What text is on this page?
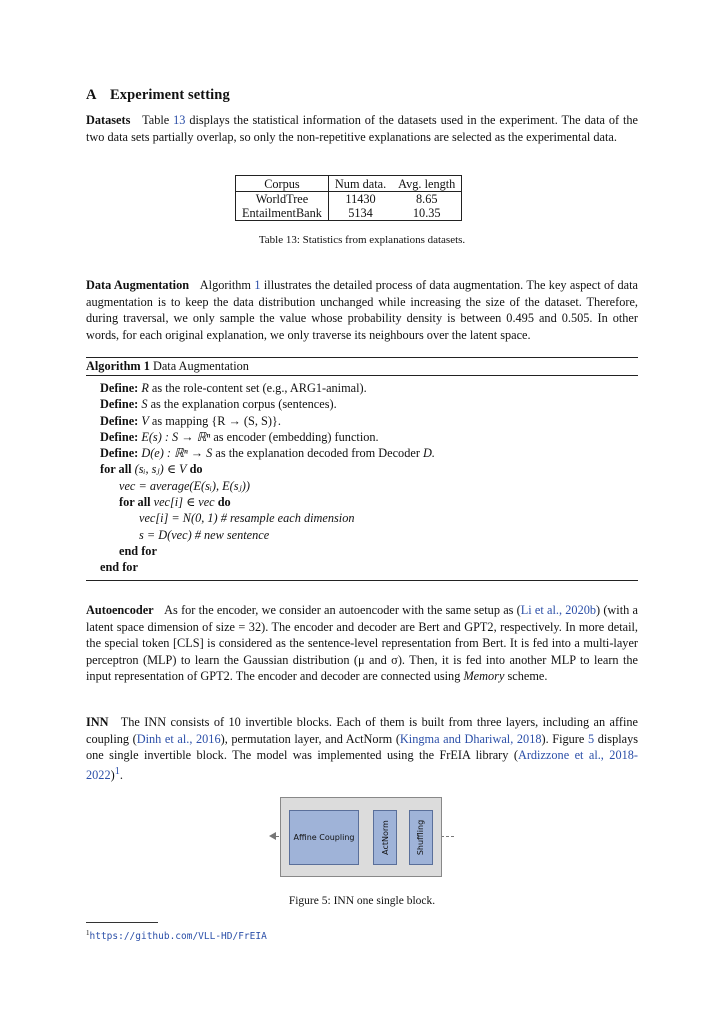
A Experiment setting
Datasets Table 13 displays the statistical information of the datasets used in the experiment. The data of the two data sets partially overlap, so only the non-repetitive explanations are selected as the experimental data.
Corpus	Num data.	Avg. length
WorldTree	11430	8.65
EntailmentBank	5134	10.35
Table 13: Statistics from explanations datasets.
Data Augmentation Algorithm 1 illustrates the detailed process of data augmentation. The key aspect of data augmentation is to keep the data distribution unchanged while increasing the size of the dataset. Therefore, during traversal, we only sample the value whose probability density is between 0.495 and 0.505. In other words, for each original explanation, we only traverse its neighbours over the latent space.
Algorithm 1 Data Augmentation
Define: R as the role-content set (e.g., ARG1-animal).
Define: S as the explanation corpus (sentences).
Define: V as mapping {R → (S, S)}.
Define: E(s) : S → ℝⁿ as encoder (embedding) function.
Define: D(e) : ℝⁿ → S as the explanation decoded from Decoder D.
for all (sᵢ, sⱼ) ∈ V do
vec = average(E(sᵢ), E(sⱼ))
for all vec[i] ∈ vec do
vec[i] = N(0, 1) # resample each dimension
s = D(vec) # new sentence
end for
end for
Autoencoder As for the encoder, we consider an autoencoder with the same setup as (Li et al., 2020b) (with a latent space dimension of size = 32). The encoder and decoder are Bert and GPT2, respectively. In more detail, the special token [CLS] is considered as the sentence-level representation from Bert. It is fed into a multi-layer perceptron (MLP) to learn the Gaussian distribution (μ and σ). Then, it is fed into another MLP to learn the input representation of GPT2. The encoder and decoder are connected using Memory scheme.
INN The INN consists of 10 invertible blocks. Each of them is built from three layers, including an affine coupling (Dinh et al., 2016), permutation layer, and ActNorm (Kingma and Dhariwal, 2018). Figure 5 displays one single invertible block. The model was implemented using the FrEIA library (Ardizzone et al., 2018-2022)$^1$.
Affine Coupling	ActNorm	Shuffling
Figure 5: INN one single block.
$^1$https://github.com/VLL-HD/FrEIA
